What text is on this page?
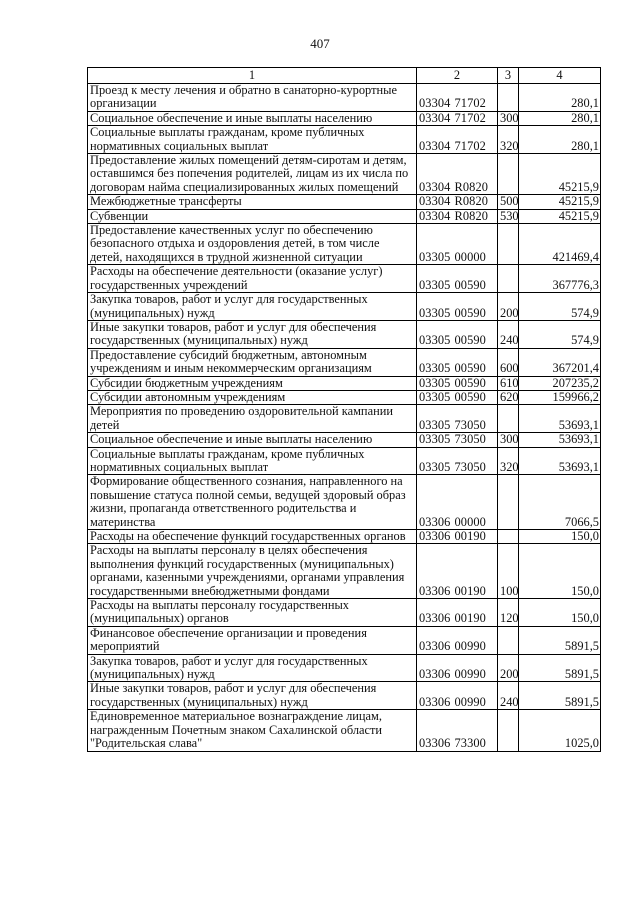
407
1	2	3	4
Проезд к месту лечения и обратно в санаторно-курортные организации	03304 71702		280,1
Социальное обеспечение и иные выплаты населению	03304 71702	300	280,1
Социальные выплаты гражданам, кроме публичных нормативных социальных выплат	03304 71702	320	280,1
Предоставление жилых помещений детям-сиротам и детям, оставшимся без попечения родителей, лицам из их числа по договорам найма специализированных жилых помещений	03304 R0820		45215,9
Межбюджетные трансферты	03304 R0820	500	45215,9
Субвенции	03304 R0820	530	45215,9
Предоставление качественных услуг по обеспечению безопасного отдыха и оздоровления детей, в том числе детей, находящихся в трудной жизненной ситуации	03305 00000		421469,4
Расходы на обеспечение деятельности (оказание услуг) государственных учреждений	03305 00590		367776,3
Закупка товаров, работ и услуг для государственных (муниципальных) нужд	03305 00590	200	574,9
Иные закупки товаров, работ и услуг для обеспечения государственных (муниципальных) нужд	03305 00590	240	574,9
Предоставление субсидий бюджетным, автономным учреждениям и иным некоммерческим организациям	03305 00590	600	367201,4
Субсидии бюджетным учреждениям	03305 00590	610	207235,2
Субсидии автономным учреждениям	03305 00590	620	159966,2
Мероприятия по проведению оздоровительной кампании детей	03305 73050		53693,1
Социальное обеспечение и иные выплаты населению	03305 73050	300	53693,1
Социальные выплаты гражданам, кроме публичных нормативных социальных выплат	03305 73050	320	53693,1
Формирование общественного сознания, направленного на повышение статуса полной семьи, ведущей здоровый образ жизни, пропаганда ответственного родительства и материнства	03306 00000		7066,5
Расходы на обеспечение функций государственных органов	03306 00190		150,0
Расходы на выплаты персоналу в целях обеспечения выполнения функций государственных (муниципальных) органами, казенными учреждениями, органами управления государственными внебюджетными фондами	03306 00190	100	150,0
Расходы на выплаты персоналу государственных (муниципальных) органов	03306 00190	120	150,0
Финансовое обеспечение организации и проведения мероприятий	03306 00990		5891,5
Закупка товаров, работ и услуг для государственных (муниципальных) нужд	03306 00990	200	5891,5
Иные закупки товаров, работ и услуг для обеспечения государственных (муниципальных) нужд	03306 00990	240	5891,5
Единовременное материальное вознаграждение лицам, награжденным Почетным знаком Сахалинской области "Родительская слава"	03306 73300		1025,0
